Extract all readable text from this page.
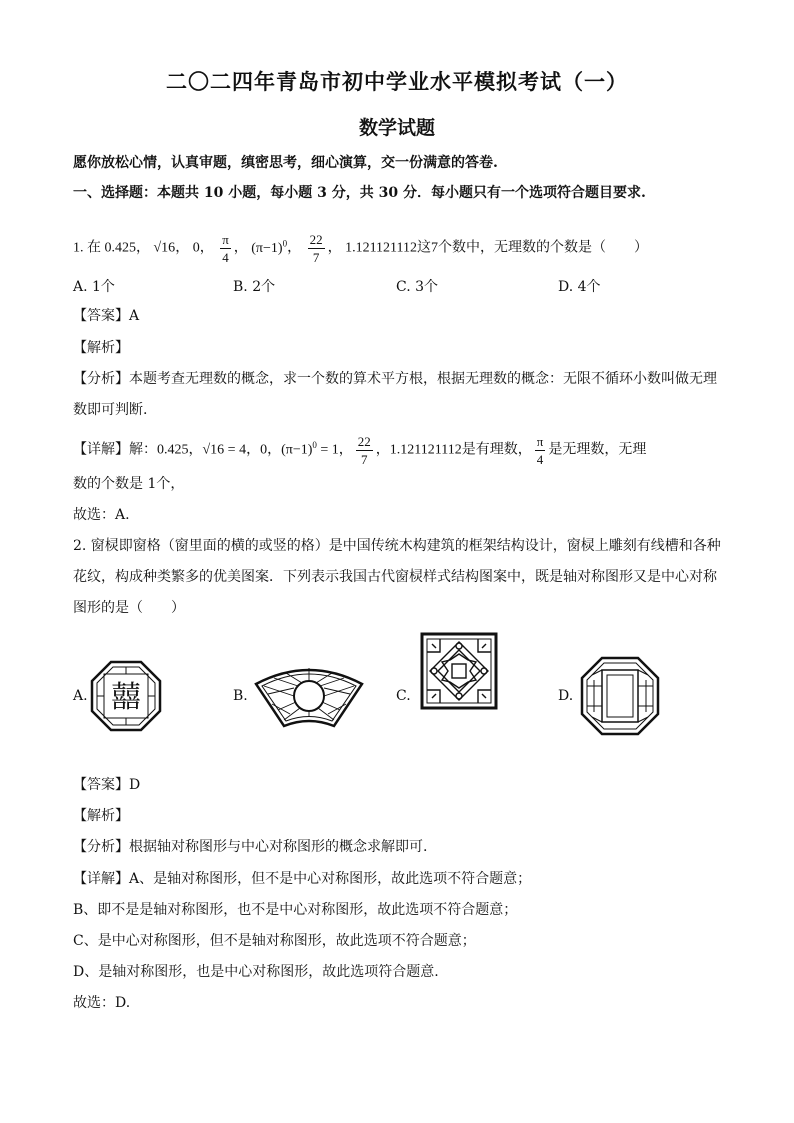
二〇二四年青岛市初中学业水平模拟考试（一）
数学试题
愿你放松心情，认真审题，缜密思考，细心演算，交一份满意的答卷.
一、选择题：本题共 10 小题，每小题 3 分，共 30 分．每小题只有一个选项符合题目要求.
1. 在 0.425， √16， 0， $\frac{\pi}{4}$ ， $(\pi-1)^0$， $\frac{22}{7}$ ， 1.121121112这7个数中，无理数的个数是（　　）
A. 1个	B. 2个	C. 3个	D. 4个
【答案】A
【解析】
【分析】本题考查无理数的概念，求一个数的算术平方根，根据无理数的概念：无限不循环小数叫做无理
数即可判断.
【详解】解：0.425，√16 = 4，0，$(\pi-1)^0 = 1$， $\frac{22}{7}$ ，1.121121112是有理数， $\frac{\pi}{4}$ 是无理数，无理
数的个数是 1个，
故选：A.
2. 窗棂即窗格（窗里面的横的或竖的格）是中国传统木构建筑的框架结构设计，窗棂上雕刻有线槽和各种
花纹，构成种类繁多的优美图案．下列表示我国古代窗棂样式结构图案中，既是轴对称图形又是中心对称
图形的是（　　）
A.	B.	C.	D.
囍
【答案】D
【解析】
【分析】根据轴对称图形与中心对称图形的概念求解即可.
【详解】A、是轴对称图形，但不是中心对称图形，故此选项不符合题意；
B、即不是是轴对称图形，也不是中心对称图形，故此选项不符合题意；
C、是中心对称图形，但不是轴对称图形，故此选项不符合题意；
D、是轴对称图形，也是中心对称图形，故此选项符合题意.
故选：D.
